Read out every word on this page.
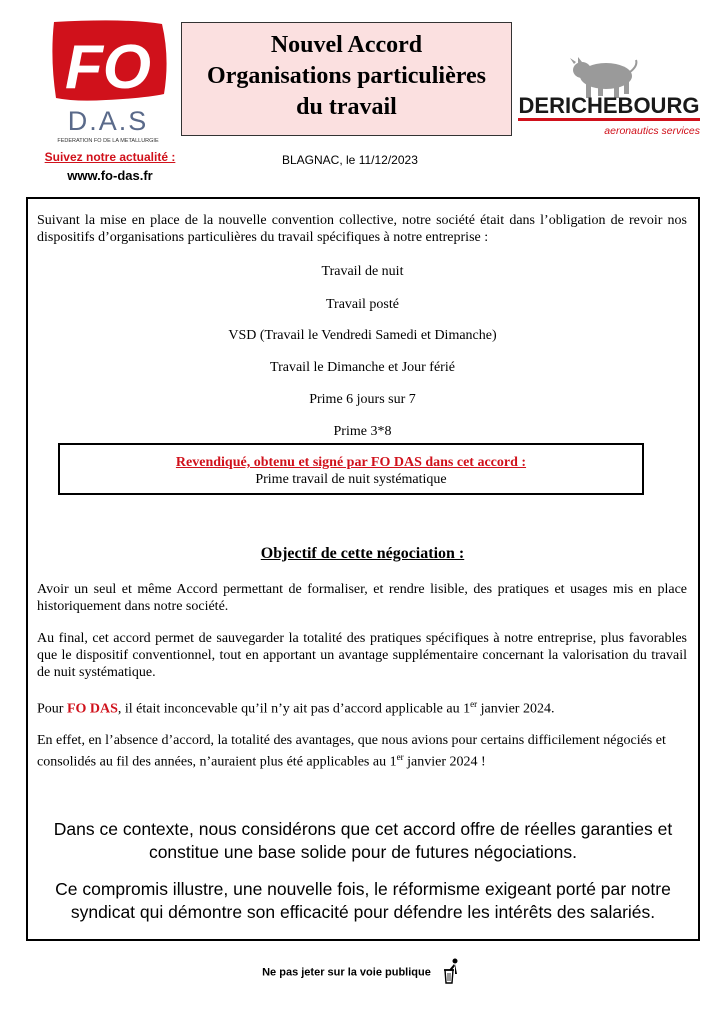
FO
D.A.S
FEDERATION FO DE LA METALLURGIE
Suivez notre actualité :
www.fo-das.fr
Nouvel Accord
Organisations particulières
du travail
BLAGNAC, le 11/12/2023
DERICHEBOURG
aeronautics services
Suivant la mise en place de la nouvelle convention collective, notre société était dans l’obligation de revoir nos dispositifs d’organisations particulières du travail spécifiques à notre entreprise :
Travail de nuit
Travail posté
VSD (Travail le Vendredi Samedi et Dimanche)
Travail le Dimanche et Jour férié
Prime 6 jours sur 7
Prime 3*8
Revendiqué, obtenu et signé par FO DAS dans cet accord :
Prime travail de nuit systématique
Objectif de cette négociation :
Avoir un seul et même Accord permettant de formaliser, et rendre lisible, des pratiques et usages mis en place historiquement dans notre société.
Au final, cet accord permet de sauvegarder la totalité des pratiques spécifiques à notre entreprise, plus favorables que le dispositif conventionnel, tout en apportant un avantage supplémentaire concernant la valorisation du travail de nuit systématique.
Pour FO DAS, il était inconcevable qu’il n’y ait pas d’accord applicable au 1er janvier 2024.
En effet, en l’absence d’accord, la totalité des avantages, que nous avions pour certains difficilement négociés et consolidés au fil des années, n’auraient plus été applicables au 1er janvier 2024 !
Dans ce contexte, nous considérons que cet accord offre de réelles garanties et constitue une base solide pour de futures négociations.
Ce compromis illustre, une nouvelle fois, le réformisme exigeant porté par notre syndicat qui démontre son efficacité pour défendre les intérêts des salariés.
Ne pas jeter sur la voie publique
